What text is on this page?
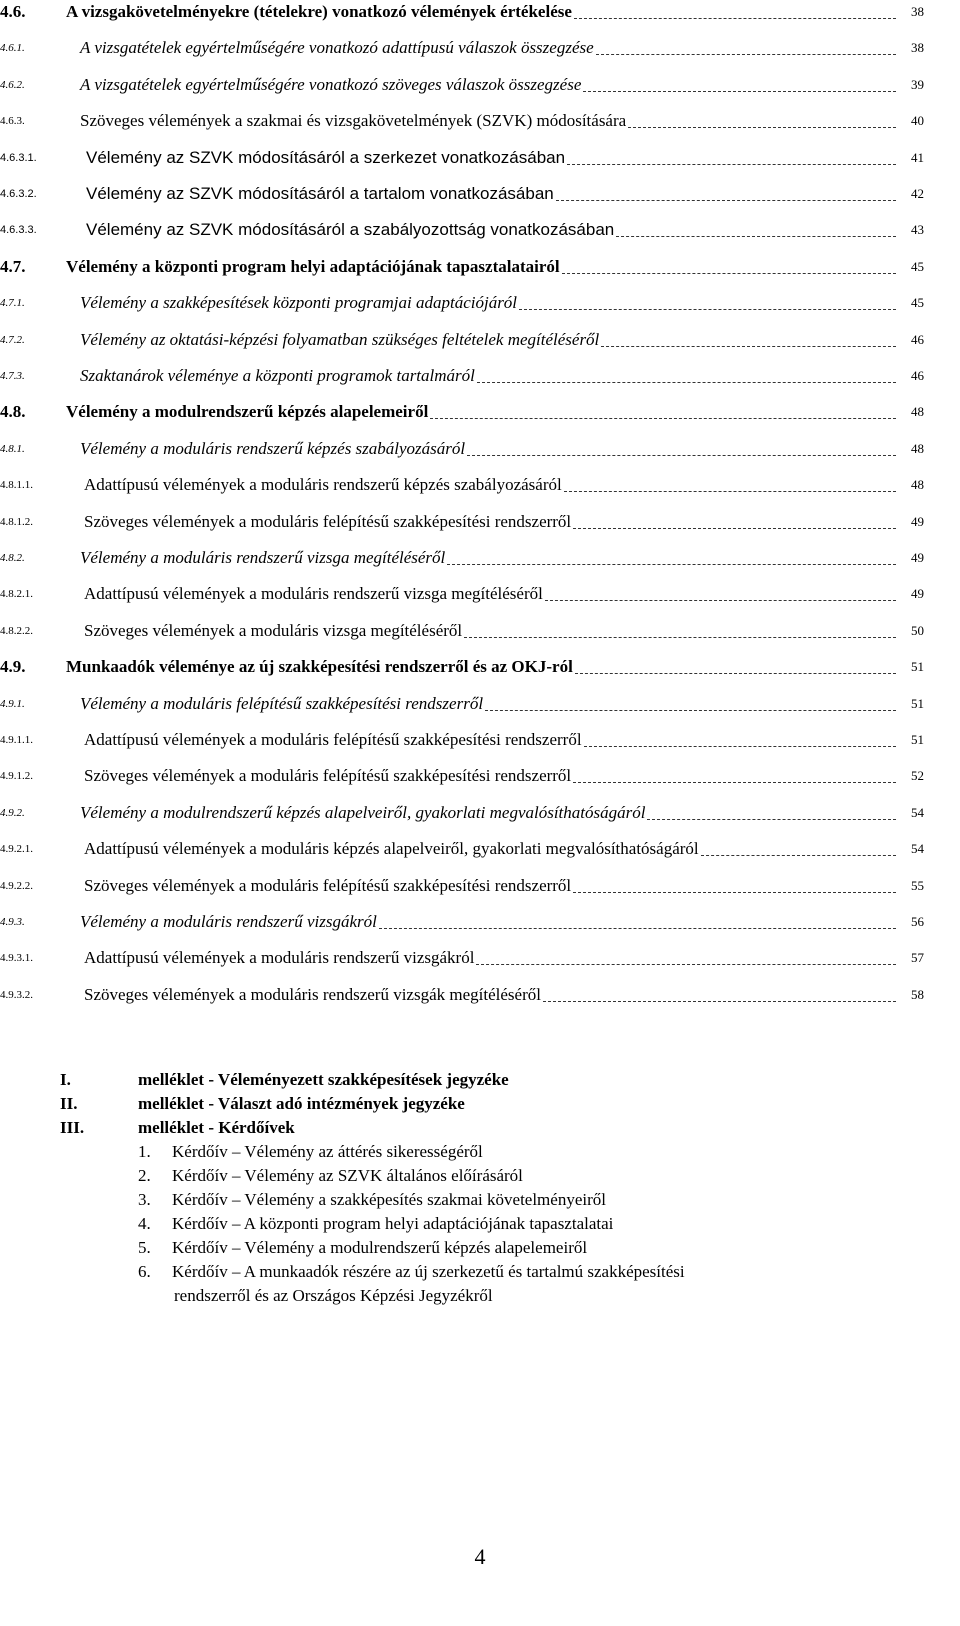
4.6. A vizsgakövetelményekre (tételekre) vonatkozó vélemények értékelése	38
4.6.1.	A vizsgatételek egyértelműségére vonatkozó adattípusú válaszok összegzése	38
4.6.2.	A vizsgatételek egyértelműségére vonatkozó szöveges válaszok összegzése	39
4.6.3.	Szöveges vélemények a szakmai és vizsgakövetelmények (SZVK) módosítására	40
4.6.3.1.	Vélemény az SZVK módosításáról a szerkezet vonatkozásában	41
4.6.3.2.	Vélemény az SZVK módosításáról a tartalom vonatkozásában	42
4.6.3.3.	Vélemény az SZVK módosításáról a szabályozottság vonatkozásában	43
4.7. Vélemény a központi program helyi adaptációjának tapasztalatairól	45
4.7.1.	Vélemény a szakképesítések központi programjai adaptációjáról	45
4.7.2.	Vélemény az oktatási-képzési folyamatban szükséges feltételek megítéléséről	46
4.7.3.	Szaktanárok véleménye a központi programok tartalmáról	46
4.8. Vélemény a modulrendszerű képzés alapelemeiről	48
4.8.1.	Vélemény a moduláris rendszerű képzés szabályozásáról	48
4.8.1.1.	Adattípusú vélemények a moduláris rendszerű képzés szabályozásáról	48
4.8.1.2.	Szöveges vélemények a moduláris felépítésű szakképesítési rendszerről	49
4.8.2.	Vélemény a moduláris rendszerű vizsga megítéléséről	49
4.8.2.1.	Adattípusú vélemények a moduláris rendszerű vizsga megítéléséről	49
4.8.2.2.	Szöveges vélemények a moduláris vizsga megítéléséről	50
4.9. Munkaadók véleménye az új szakképesítési rendszerről és az OKJ-ról	51
4.9.1.	Vélemény a moduláris felépítésű szakképesítési rendszerről	51
4.9.1.1.	Adattípusú vélemények a moduláris felépítésű szakképesítési rendszerről	51
4.9.1.2.	Szöveges vélemények a moduláris felépítésű szakképesítési rendszerről	52
4.9.2.	Vélemény a modulrendszerű képzés alapelveiről, gyakorlati megvalósíthatóságáról	54
4.9.2.1.	Adattípusú vélemények a moduláris képzés alapelveiről, gyakorlati megvalósíthatóságáról	54
4.9.2.2.	Szöveges vélemények a moduláris felépítésű szakképesítési rendszerről	55
4.9.3.	Vélemény a moduláris rendszerű vizsgákról	56
4.9.3.1.	Adattípusú vélemények a moduláris rendszerű vizsgákról	57
4.9.3.2.	Szöveges vélemények a moduláris rendszerű vizsgák megítéléséről	58
I.	melléklet - Véleményezett szakképesítések jegyzéke
II.	melléklet - Választ adó intézmények jegyzéke
III.	melléklet - Kérdőívek
1.	Kérdőív – Vélemény az áttérés sikerességéről
2.	Kérdőív – Vélemény az SZVK általános előírásáról
3.	Kérdőív – Vélemény a szakképesítés szakmai követelményeiről
4.	Kérdőív – A központi program helyi adaptációjának tapasztalatai
5.	Kérdőív – Vélemény a modulrendszerű képzés alapelemeiről
6.	Kérdőív – A munkaadók részére az új szerkezetű és tartalmú szakképesítési
rendszerről és az Országos Képzési Jegyzékről
4
